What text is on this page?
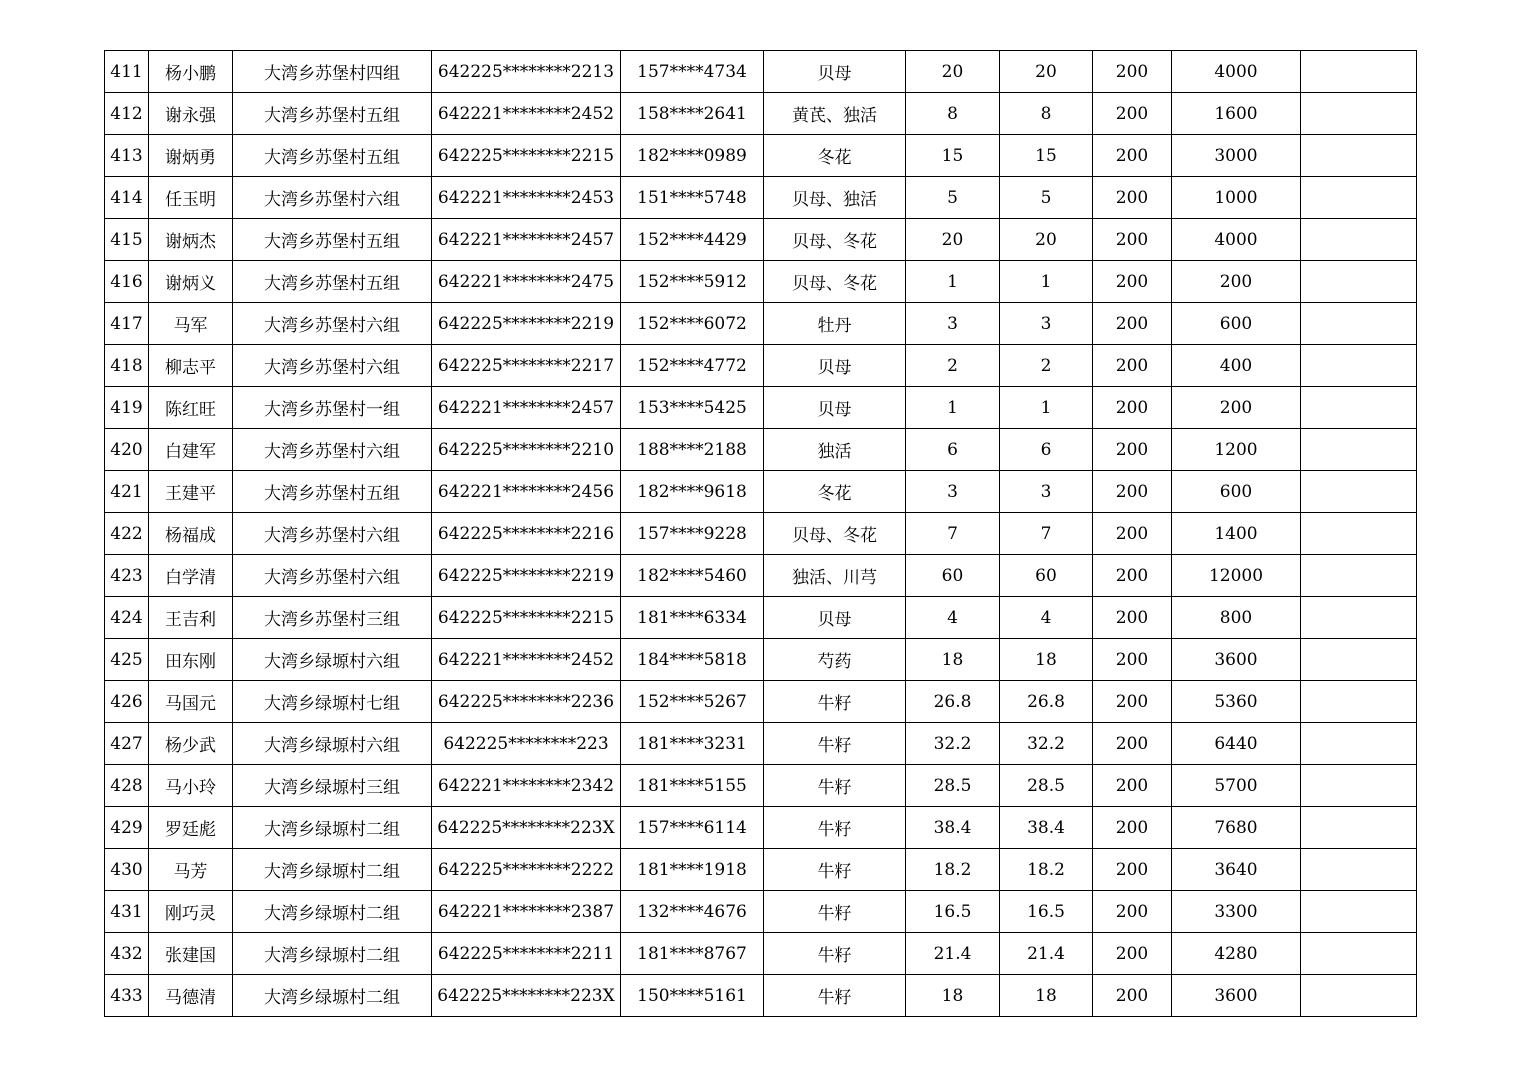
411	杨小鹏	大湾乡苏堡村四组	642225********2213	157****4734	贝母	20	20	200	4000	
412	谢永强	大湾乡苏堡村五组	642221********2452	158****2641	黄芪、独活	8	8	200	1600	
413	谢炳勇	大湾乡苏堡村五组	642225********2215	182****0989	冬花	15	15	200	3000	
414	任玉明	大湾乡苏堡村六组	642221********2453	151****5748	贝母、独活	5	5	200	1000	
415	谢炳杰	大湾乡苏堡村五组	642221********2457	152****4429	贝母、冬花	20	20	200	4000	
416	谢炳义	大湾乡苏堡村五组	642221********2475	152****5912	贝母、冬花	1	1	200	200	
417	马军	大湾乡苏堡村六组	642225********2219	152****6072	牡丹	3	3	200	600	
418	柳志平	大湾乡苏堡村六组	642225********2217	152****4772	贝母	2	2	200	400	
419	陈红旺	大湾乡苏堡村一组	642221********2457	153****5425	贝母	1	1	200	200	
420	白建军	大湾乡苏堡村六组	642225********2210	188****2188	独活	6	6	200	1200	
421	王建平	大湾乡苏堡村五组	642221********2456	182****9618	冬花	3	3	200	600	
422	杨福成	大湾乡苏堡村六组	642225********2216	157****9228	贝母、冬花	7	7	200	1400	
423	白学清	大湾乡苏堡村六组	642225********2219	182****5460	独活、川芎	60	60	200	12000	
424	王吉利	大湾乡苏堡村三组	642225********2215	181****6334	贝母	4	4	200	800	
425	田东刚	大湾乡绿塬村六组	642221********2452	184****5818	芍药	18	18	200	3600	
426	马国元	大湾乡绿塬村七组	642225********2236	152****5267	牛籽	26.8	26.8	200	5360	
427	杨少武	大湾乡绿塬村六组	642225********223	181****3231	牛籽	32.2	32.2	200	6440	
428	马小玲	大湾乡绿塬村三组	642221********2342	181****5155	牛籽	28.5	28.5	200	5700	
429	罗廷彪	大湾乡绿塬村二组	642225********223X	157****6114	牛籽	38.4	38.4	200	7680	
430	马芳	大湾乡绿塬村二组	642225********2222	181****1918	牛籽	18.2	18.2	200	3640	
431	刚巧灵	大湾乡绿塬村二组	642221********2387	132****4676	牛籽	16.5	16.5	200	3300	
432	张建国	大湾乡绿塬村二组	642225********2211	181****8767	牛籽	21.4	21.4	200	4280	
433	马德清	大湾乡绿塬村二组	642225********223X	150****5161	牛籽	18	18	200	3600	
